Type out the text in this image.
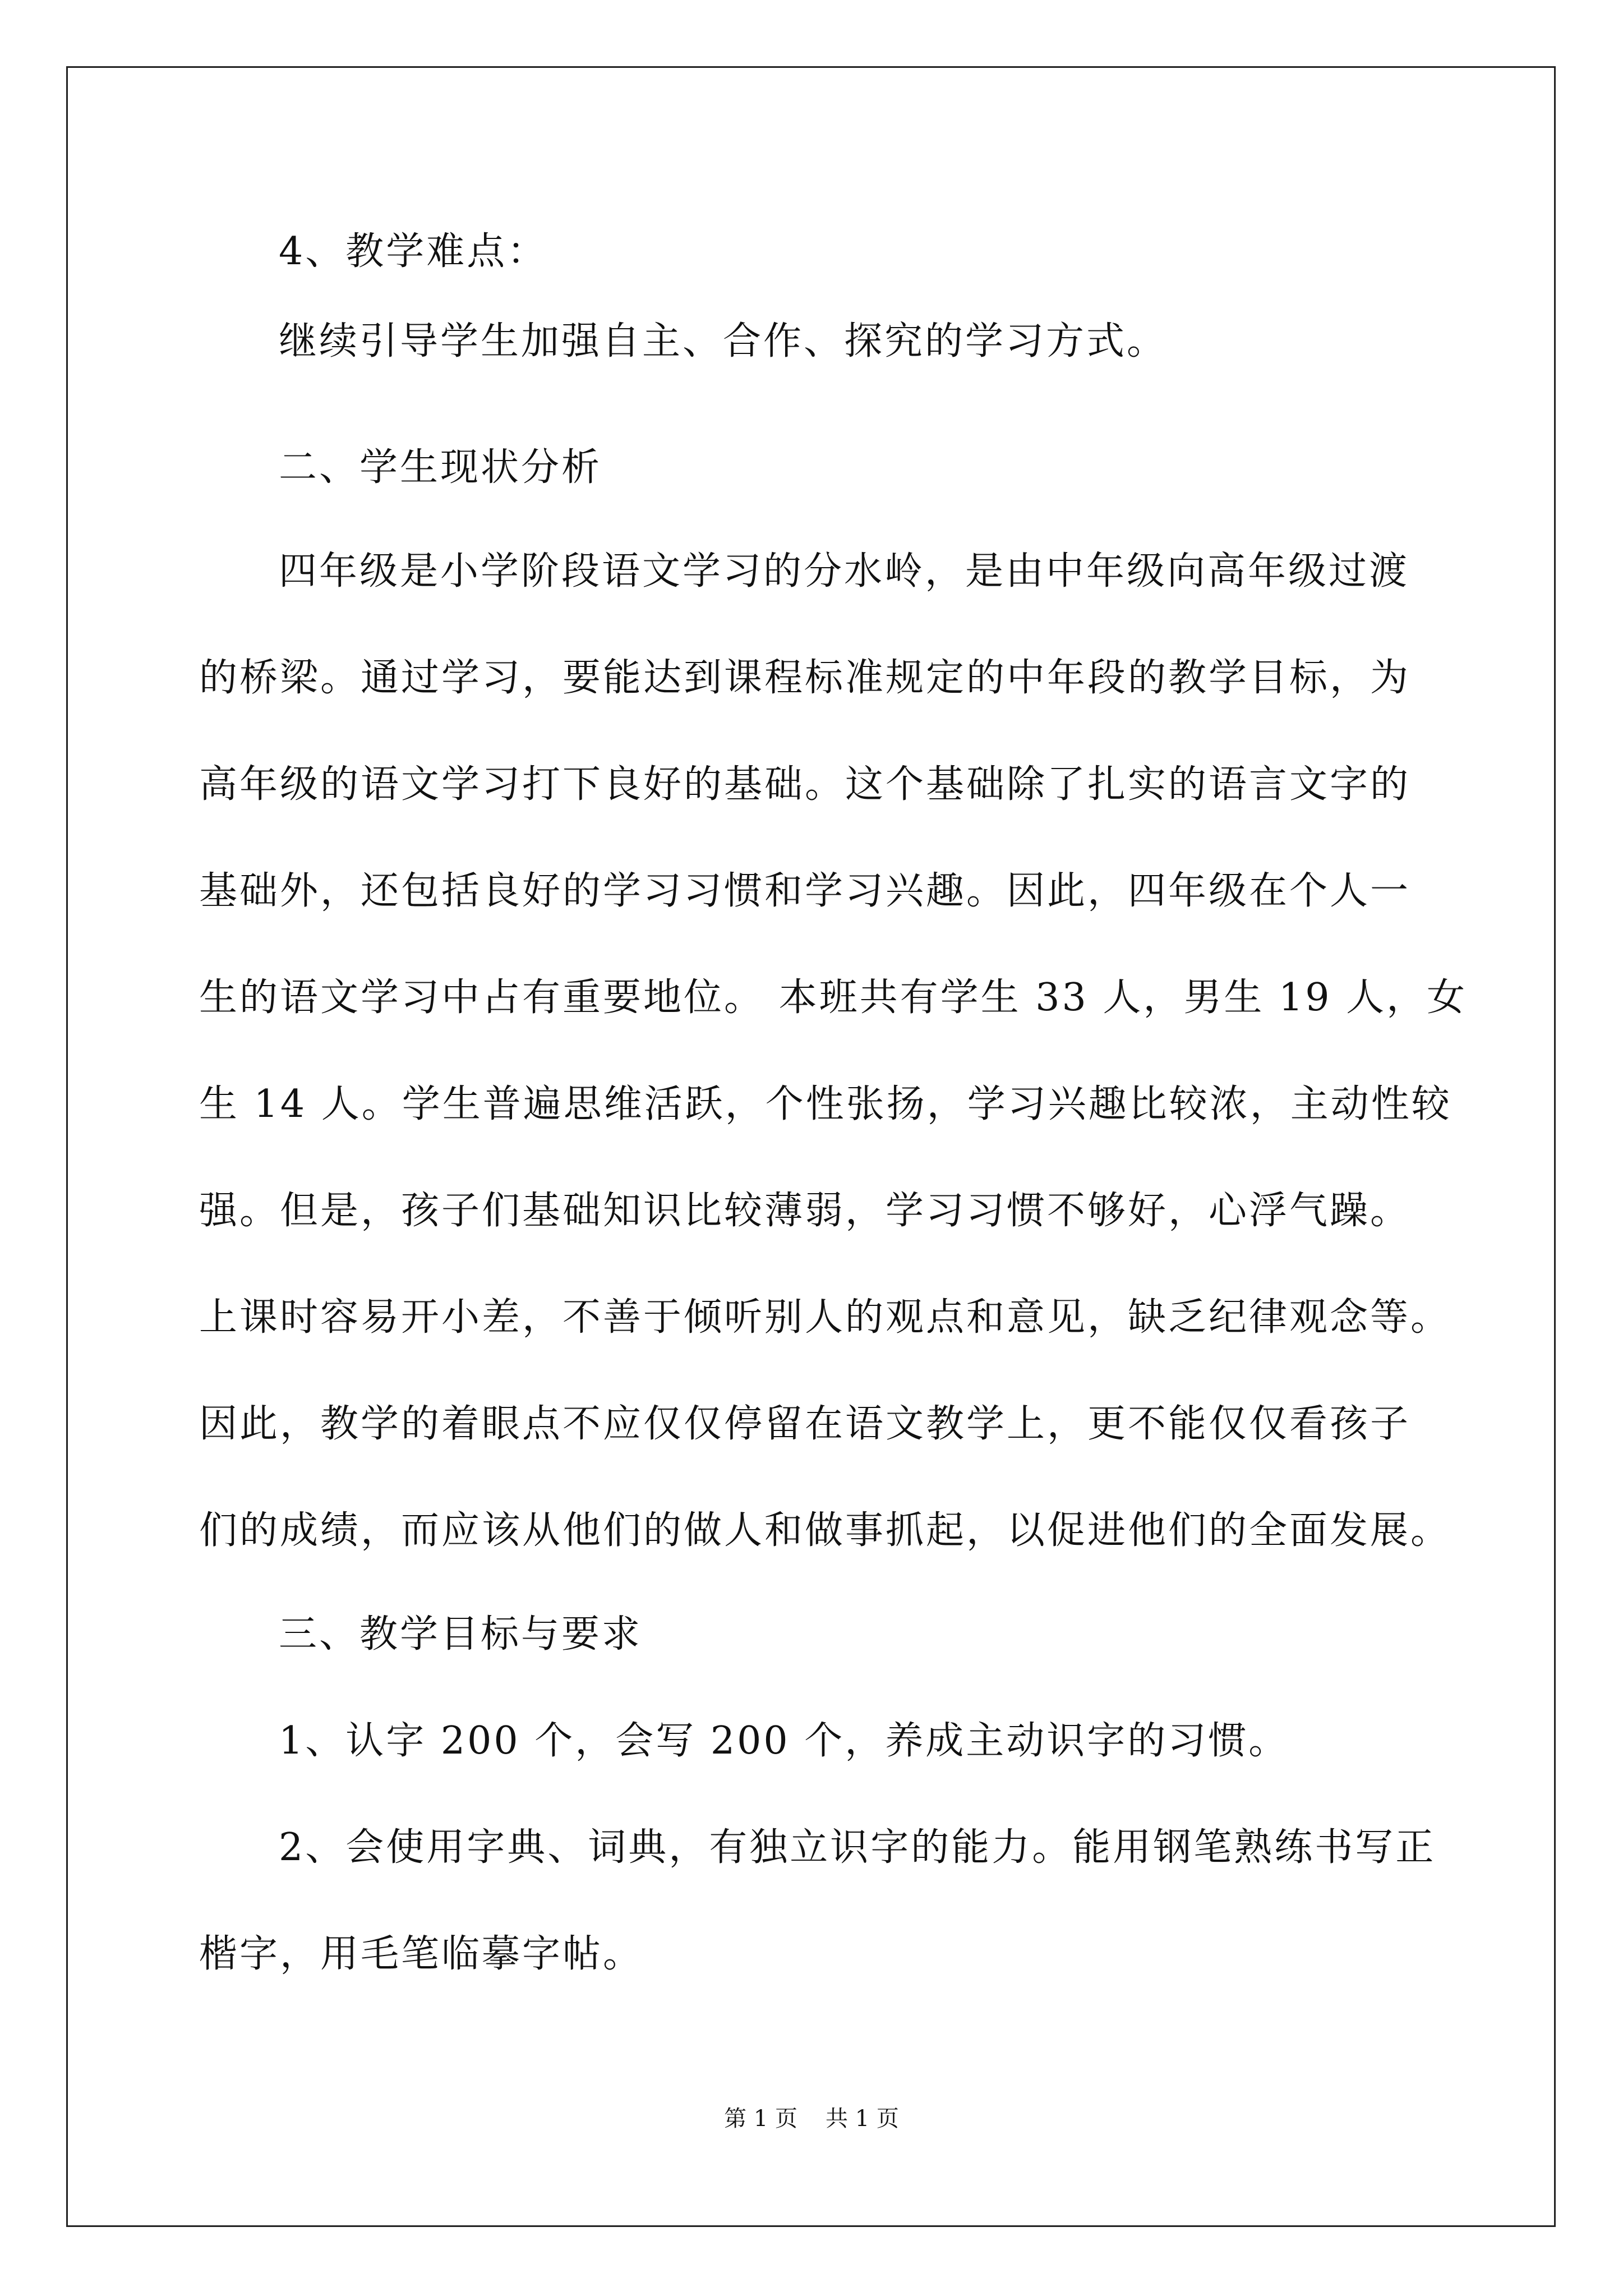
4、教学难点：
继续引导学生加强自主、合作、探究的学习方式。
二、学生现状分析
四年级是小学阶段语文学习的分水岭，是由中年级向高年级过渡
的桥梁。通过学习，要能达到课程标准规定的中年段的教学目标，为
高年级的语文学习打下良好的基础。这个基础除了扎实的语言文字的
基础外，还包括良好的学习习惯和学习兴趣。因此，四年级在个人一
生的语文学习中占有重要地位。 本班共有学生 33 人，男生 19 人，女
生 14 人。学生普遍思维活跃，个性张扬，学习兴趣比较浓，主动性较
强。但是，孩子们基础知识比较薄弱，学习习惯不够好，心浮气躁。
上课时容易开小差，不善于倾听别人的观点和意见，缺乏纪律观念等。
因此，教学的着眼点不应仅仅停留在语文教学上，更不能仅仅看孩子
们的成绩，而应该从他们的做人和做事抓起，以促进他们的全面发展。
三、教学目标与要求
1、认字 200 个，会写 200 个，养成主动识字的习惯。
2、会使用字典、词典，有独立识字的能力。能用钢笔熟练书写正
楷字，用毛笔临摹字帖。
第 1 页 共 1 页
